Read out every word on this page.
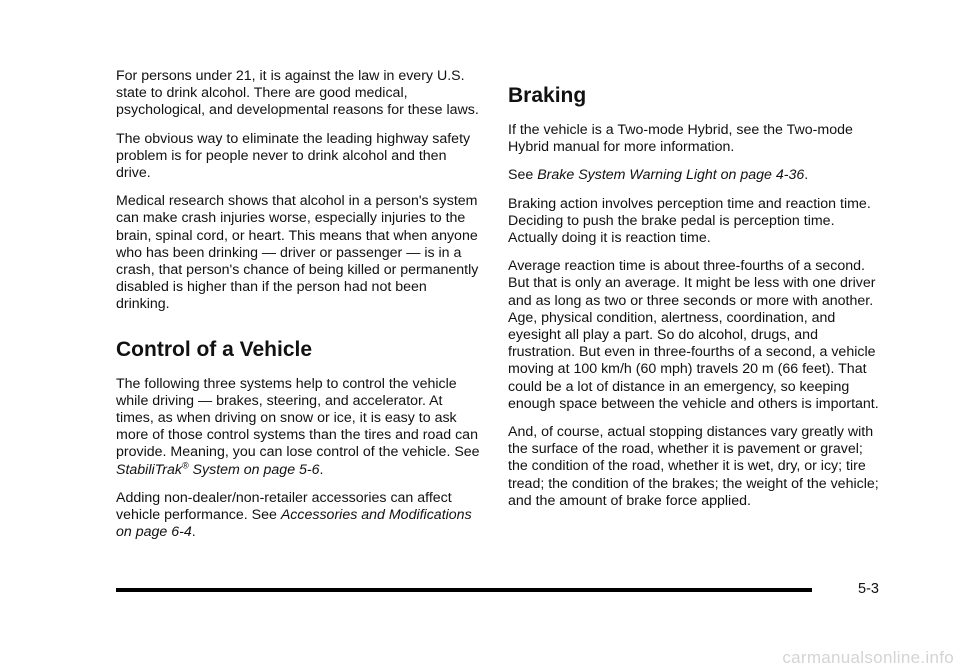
For persons under 21, it is against the law in every U.S. state to drink alcohol. There are good medical, psychological, and developmental reasons for these laws.

The obvious way to eliminate the leading highway safety problem is for people never to drink alcohol and then drive.

Medical research shows that alcohol in a person's system can make crash injuries worse, especially injuries to the brain, spinal cord, or heart. This means that when anyone who has been drinking — driver or passenger — is in a crash, that person's chance of being killed or permanently disabled is higher than if the person had not been drinking.

Control of a Vehicle

The following three systems help to control the vehicle while driving — brakes, steering, and accelerator. At times, as when driving on snow or ice, it is easy to ask more of those control systems than the tires and road can provide. Meaning, you can lose control of the vehicle. See StabiliTrak® System on page 5-6.

Adding non-dealer/non-retailer accessories can affect vehicle performance. See Accessories and Modifications on page 6-4.

Braking

If the vehicle is a Two-mode Hybrid, see the Two-mode Hybrid manual for more information.

See Brake System Warning Light on page 4-36.

Braking action involves perception time and reaction time. Deciding to push the brake pedal is perception time. Actually doing it is reaction time.

Average reaction time is about three-fourths of a second. But that is only an average. It might be less with one driver and as long as two or three seconds or more with another. Age, physical condition, alertness, coordination, and eyesight all play a part. So do alcohol, drugs, and frustration. But even in three-fourths of a second, a vehicle moving at 100 km/h (60 mph) travels 20 m (66 feet). That could be a lot of distance in an emergency, so keeping enough space between the vehicle and others is important.

And, of course, actual stopping distances vary greatly with the surface of the road, whether it is pavement or gravel; the condition of the road, whether it is wet, dry, or icy; tire tread; the condition of the brakes; the weight of the vehicle; and the amount of brake force applied.

5-3
carmanualsonline.info
